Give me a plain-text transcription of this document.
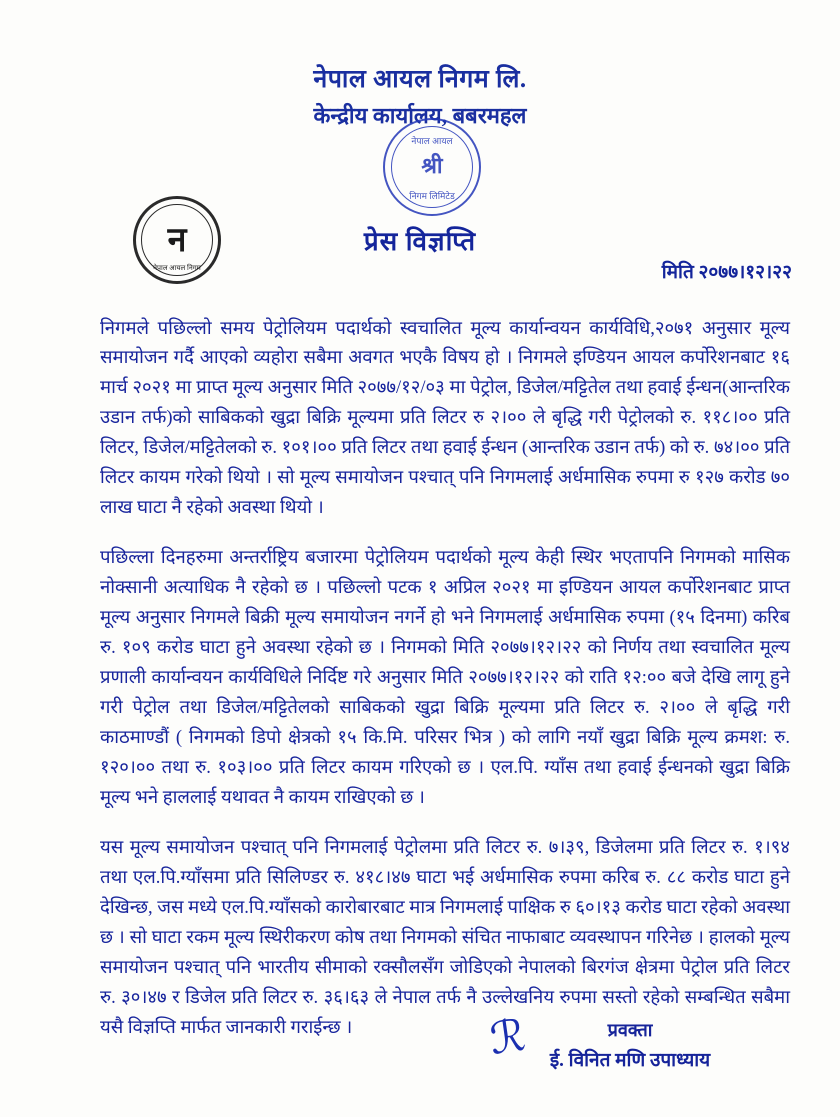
नेपाल आयल निगम लि.
केन्द्रीय कार्यालय, बबरमहल
नेपाल आयल
श्री
निगम लिमिटेड
न
नेपाल आयल निगम
प्रेस विज्ञप्ति
मिति २०७७।१२।२२

निगमले पछिल्लो समय पेट्रोलियम पदार्थको स्वचालित मूल्य कार्यान्वयन कार्यविधि,२०७१ अनुसार मूल्य समायोजन गर्दै आएको व्यहोरा सबैमा अवगत भएकै विषय हो । निगमले इण्डियन आयल कर्पोरेशनबाट १६ मार्च २०२१ मा प्राप्त मूल्य अनुसार मिति २०७७/१२/०३ मा पेट्रोल, डिजेल/मट्टितेल तथा हवाई ईन्धन(आन्तरिक उडान तर्फ)को साबिकको खुद्रा बिक्रि मूल्यमा प्रति लिटर रु २।०० ले बृद्धि गरी पेट्रोलको रु. ११८।०० प्रति लिटर, डिजेल/मट्टितेलको रु. १०१।०० प्रति लिटर तथा हवाई ईन्धन (आन्तरिक उडान तर्फ) को रु. ७४।०० प्रति लिटर कायम गरेको थियो । सो मूल्य समायोजन पश्चात् पनि निगमलाई अर्धमासिक रुपमा रु १२७ करोड ७० लाख घाटा नै रहेको अवस्था थियो ।

पछिल्ला दिनहरुमा अन्तर्राष्ट्रिय बजारमा पेट्रोलियम पदार्थको मूल्य केही स्थिर भएतापनि निगमको मासिक नोक्सानी अत्याधिक नै रहेको छ । पछिल्लो पटक १ अप्रिल २०२१ मा इण्डियन आयल कर्पोरेशनबाट प्राप्त मूल्य अनुसार निगमले बिक्री मूल्य समायोजन नगर्ने हो भने निगमलाई अर्धमासिक रुपमा (१५ दिनमा) करिब रु. १०९ करोड घाटा हुने अवस्था रहेको छ । निगमको मिति २०७७।१२।२२ को निर्णय तथा स्वचालित मूल्य प्रणाली कार्यान्वयन कार्यविधिले निर्दिष्ट गरे अनुसार मिति २०७७।१२।२२ को राति १२:०० बजे देखि लागू हुने गरी पेट्रोल तथा डिजेल/मट्टितेलको साबिकको खुद्रा बिक्रि मूल्यमा प्रति लिटर रु. २।०० ले बृद्धि गरी काठमाण्डौं ( निगमको डिपो क्षेत्रको १५ कि.मि. परिसर भित्र ) को लागि नयाँ खुद्रा बिक्रि मूल्य क्रमश: रु. १२०।०० तथा रु. १०३।०० प्रति लिटर कायम गरिएको छ । एल.पि. ग्याँस तथा हवाई ईन्धनको खुद्रा बिक्रि मूल्य भने हाललाई यथावत नै कायम राखिएको छ ।

यस मूल्य समायोजन पश्चात् पनि निगमलाई पेट्रोलमा प्रति लिटर रु. ७।३९, डिजेलमा प्रति लिटर रु. १।९४ तथा एल.पि.ग्याँसमा प्रति सिलिण्डर रु. ४१८।४७ घाटा भई अर्धमासिक रुपमा करिब रु. ८८ करोड घाटा हुने देखिन्छ, जस मध्ये एल.पि.ग्याँसको कारोबारबाट मात्र निगमलाई पाक्षिक रु ६०।१३ करोड घाटा रहेको अवस्था छ । सो घाटा रकम मूल्य स्थिरीकरण कोष तथा निगमको संचित नाफाबाट व्यवस्थापन गरिनेछ । हालको मूल्य समायोजन पश्चात् पनि भारतीय सीमाको रक्सौलसँग जोडिएको नेपालको बिरगंज क्षेत्रमा पेट्रोल प्रति लिटर रु. ३०।४७ र डिजेल प्रति लिटर रु. ३६।६३ ले नेपाल तर्फ नै उल्लेखनिय रुपमा सस्तो रहेको सम्बन्धित सबैमा यसै विज्ञप्ति मार्फत जानकारी गराईन्छ ।	ℛ	प्रवक्ता
ई. विनित मणि उपाध्याय
